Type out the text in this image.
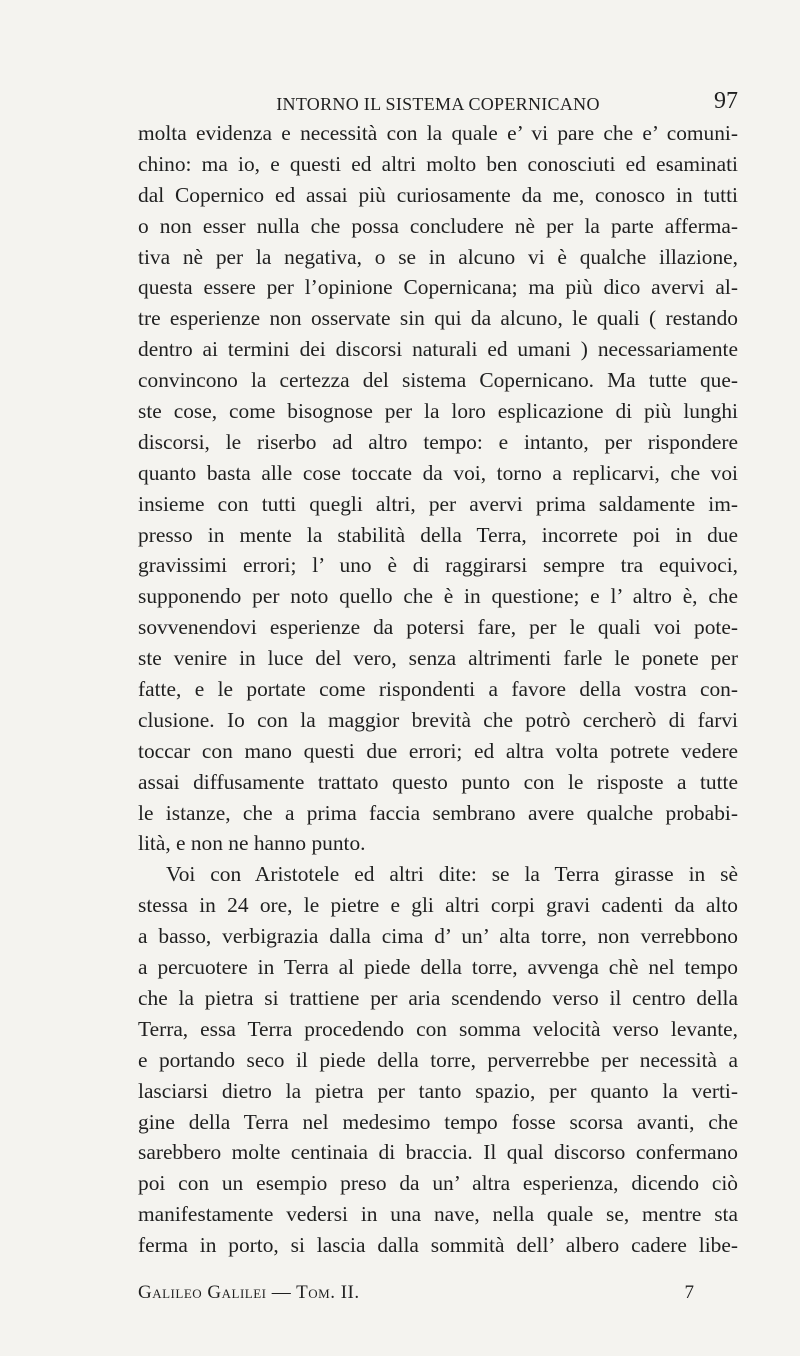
INTORNO IL SISTEMA COPERNICANO	97
molta evidenza e necessità con la quale e’ vi pare che e’ comuni-
chino: ma io, e questi ed altri molto ben conosciuti ed esaminati
dal Copernico ed assai più curiosamente da me, conosco in tutti
o non esser nulla che possa concludere nè per la parte afferma-
tiva nè per la negativa, o se in alcuno vi è qualche illazione,
questa essere per l’opinione Copernicana; ma più dico avervi al-
tre esperienze non osservate sin qui da alcuno, le quali ( restando
dentro ai termini dei discorsi naturali ed umani ) necessariamente
convincono la certezza del sistema Copernicano. Ma tutte que-
ste cose, come bisognose per la loro esplicazione di più lunghi
discorsi, le riserbo ad altro tempo: e intanto, per rispondere
quanto basta alle cose toccate da voi, torno a replicarvi, che voi
insieme con tutti quegli altri, per avervi prima saldamente im-
presso in mente la stabilità della Terra, incorrete poi in due
gravissimi errori; l’ uno è di raggirarsi sempre tra equivoci,
supponendo per noto quello che è in questione; e l’ altro è, che
sovvenendovi esperienze da potersi fare, per le quali voi pote-
ste venire in luce del vero, senza altrimenti farle le ponete per
fatte, e le portate come rispondenti a favore della vostra con-
clusione. Io con la maggior brevità che potrò cercherò di farvi
toccar con mano questi due errori; ed altra volta potrete vedere
assai diffusamente trattato questo punto con le risposte a tutte
le istanze, che a prima faccia sembrano avere qualche probabi-
lità, e non ne hanno punto.
Voi con Aristotele ed altri dite: se la Terra girasse in sè
stessa in 24 ore, le pietre e gli altri corpi gravi cadenti da alto
a basso, verbigrazia dalla cima d’ un’ alta torre, non verrebbono
a percuotere in Terra al piede della torre, avvenga chè nel tempo
che la pietra si trattiene per aria scendendo verso il centro della
Terra, essa Terra procedendo con somma velocità verso levante,
e portando seco il piede della torre, perverrebbe per necessità a
lasciarsi dietro la pietra per tanto spazio, per quanto la verti-
gine della Terra nel medesimo tempo fosse scorsa avanti, che
sarebbero molte centinaia di braccia. Il qual discorso confermano
poi con un esempio preso da un’ altra esperienza, dicendo ciò
manifestamente vedersi in una nave, nella quale se, mentre sta
ferma in porto, si lascia dalla sommità dell’ albero cadere libe-
Galileo Galilei — Tom. II.	7
